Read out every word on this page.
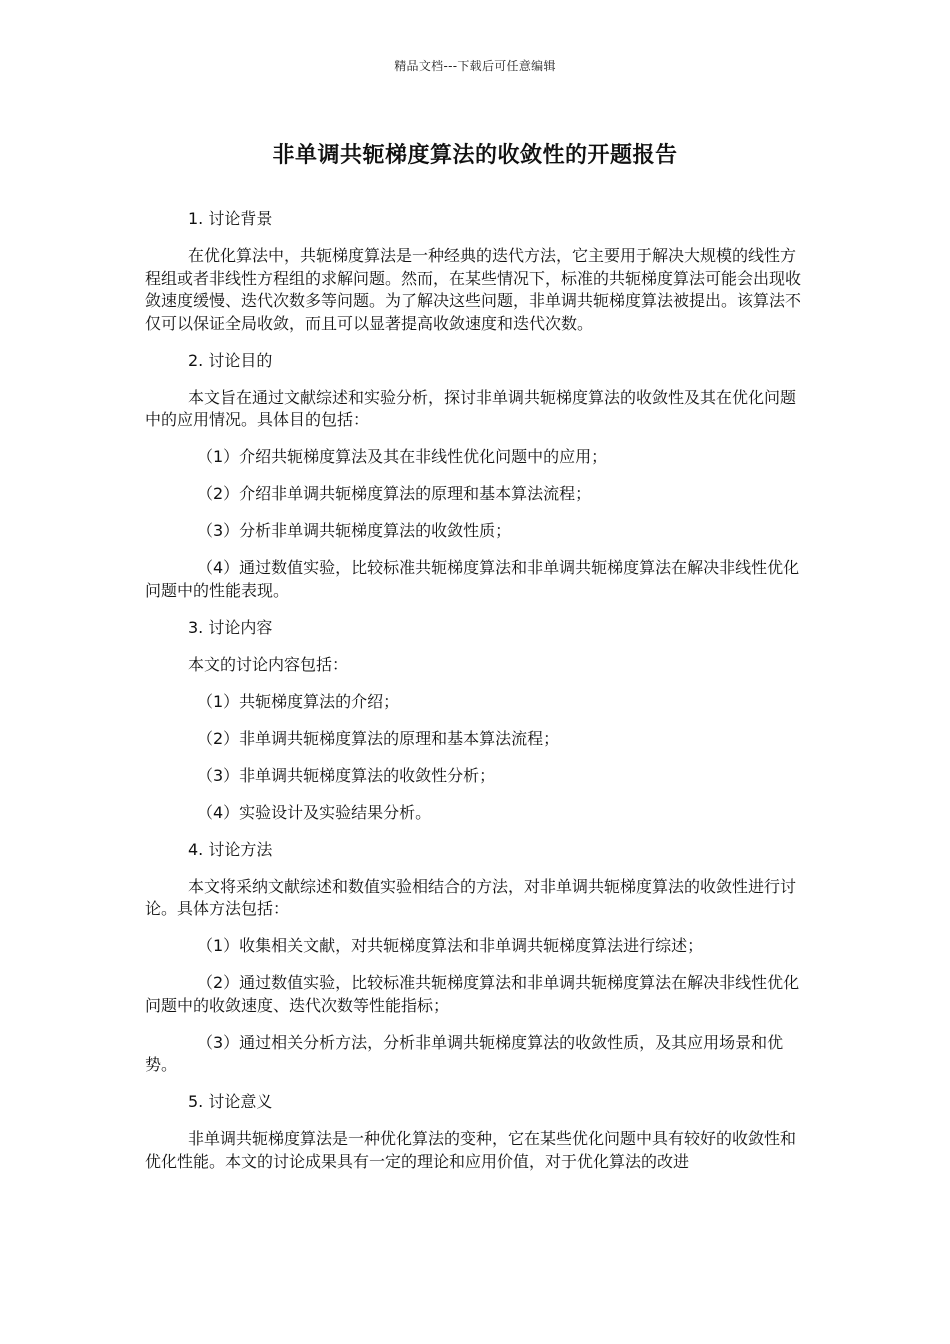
精品文档---下载后可任意编辑
非单调共轭梯度算法的收敛性的开题报告

1. 讨论背景

在优化算法中，共轭梯度算法是一种经典的迭代方法，它主要用于解决大规模的线性方程组或者非线性方程组的求解问题。然而，在某些情况下，标准的共轭梯度算法可能会出现收敛速度缓慢、迭代次数多等问题。为了解决这些问题，非单调共轭梯度算法被提出。该算法不仅可以保证全局收敛，而且可以显著提高收敛速度和迭代次数。

2. 讨论目的

本文旨在通过文献综述和实验分析，探讨非单调共轭梯度算法的收敛性及其在优化问题中的应用情况。具体目的包括：

（1）介绍共轭梯度算法及其在非线性优化问题中的应用；

（2）介绍非单调共轭梯度算法的原理和基本算法流程；

（3）分析非单调共轭梯度算法的收敛性质；

（4）通过数值实验，比较标准共轭梯度算法和非单调共轭梯度算法在解决非线性优化问题中的性能表现。

3. 讨论内容

本文的讨论内容包括：

（1）共轭梯度算法的介绍；

（2）非单调共轭梯度算法的原理和基本算法流程；

（3）非单调共轭梯度算法的收敛性分析；

（4）实验设计及实验结果分析。

4. 讨论方法

本文将采纳文献综述和数值实验相结合的方法，对非单调共轭梯度算法的收敛性进行讨论。具体方法包括：

（1）收集相关文献，对共轭梯度算法和非单调共轭梯度算法进行综述；

（2）通过数值实验，比较标准共轭梯度算法和非单调共轭梯度算法在解决非线性优化问题中的收敛速度、迭代次数等性能指标；

（3）通过相关分析方法，分析非单调共轭梯度算法的收敛性质，及其应用场景和优势。

5. 讨论意义

非单调共轭梯度算法是一种优化算法的变种，它在某些优化问题中具有较好的收敛性和优化性能。本文的讨论成果具有一定的理论和应用价值，对于优化算法的改进
